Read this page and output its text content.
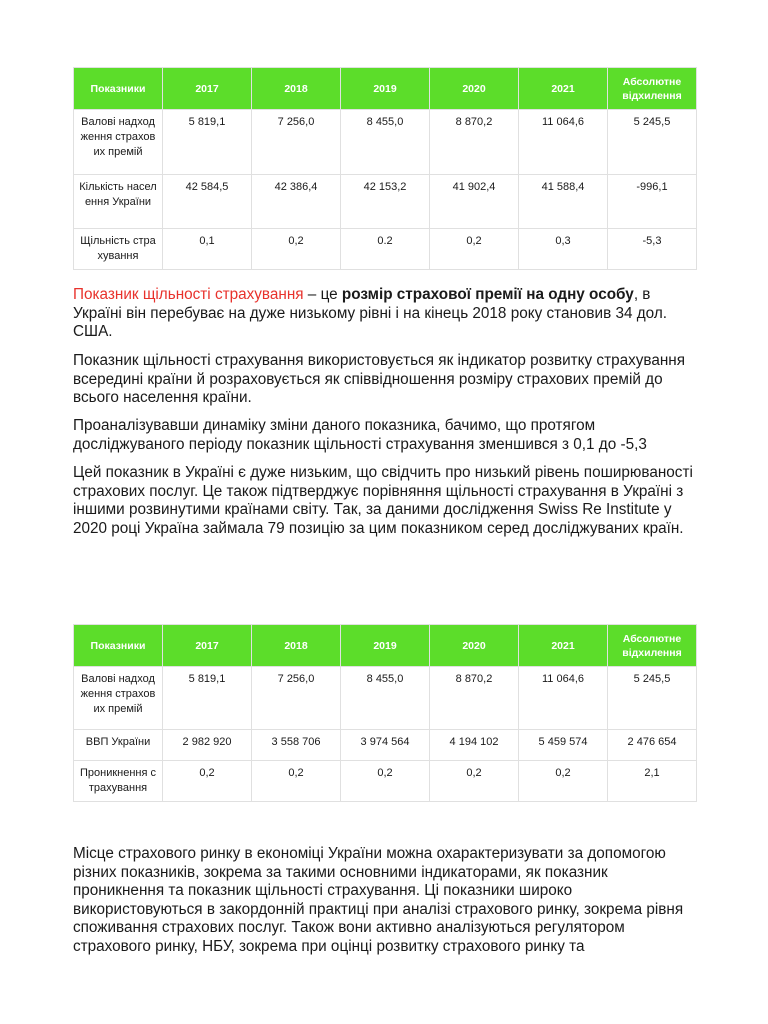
Показники	2017	2018	2019	2020	2021	Абсолютне відхилення
Валові надходження страхових премій	5 819,1	7 256,0	8 455,0	8 870,2	11 064,6	5 245,5
Кількість населення України	42 584,5	42 386,4	42 153,2	41 902,4	41 588,4	-996,1
Щільність страхування	0,1	0,2	0.2	0,2	0,3	-5,3

Показник щільності страхування – це розмір страхової премії на одну особу, в Україні він перебуває на дуже низькому рівні і на кінець 2018 року становив 34 дол. США.

Показник щільності страхування використовується як індикатор розвитку страхування всередині країни й розраховується як співвідношення розміру страхових премій до всього населення країни.

Проаналізувавши динаміку зміни даного показника, бачимо, що протягом досліджуваного періоду показник щільності страхування зменшився з 0,1 до -5,3

Цей показник в Україні є дуже низьким, що свідчить про низький рівень поширюваності страхових послуг. Це також підтверджує порівняння щільності страхування в Україні з іншими розвинутими країнами світу. Так, за даними дослідження Swiss Re Institute у 2020 році Україна займала 79 позицію за цим показником серед досліджуваних країн.

Показники	2017	2018	2019	2020	2021	Абсолютне відхилення
Валові надходження страхових премій	5 819,1	7 256,0	8 455,0	8 870,2	11 064,6	5 245,5
ВВП України	2 982 920	3 558 706	3 974 564	4 194 102	5 459 574	2 476 654
Проникнення страхування	0,2	0,2	0,2	0,2	0,2	2,1

Місце страхового ринку в економіці України можна охарактеризувати за допомогою різних показників, зокрема за такими основними індикаторами, як показник проникнення та показник щільності страхування. Ці показники широко використовуються в закордонній практиці при аналізі страхового ринку, зокрема рівня споживання страхових послуг. Також вони активно аналізуються регулятором страхового ринку, НБУ, зокрема при оцінці розвитку страхового ринку та
